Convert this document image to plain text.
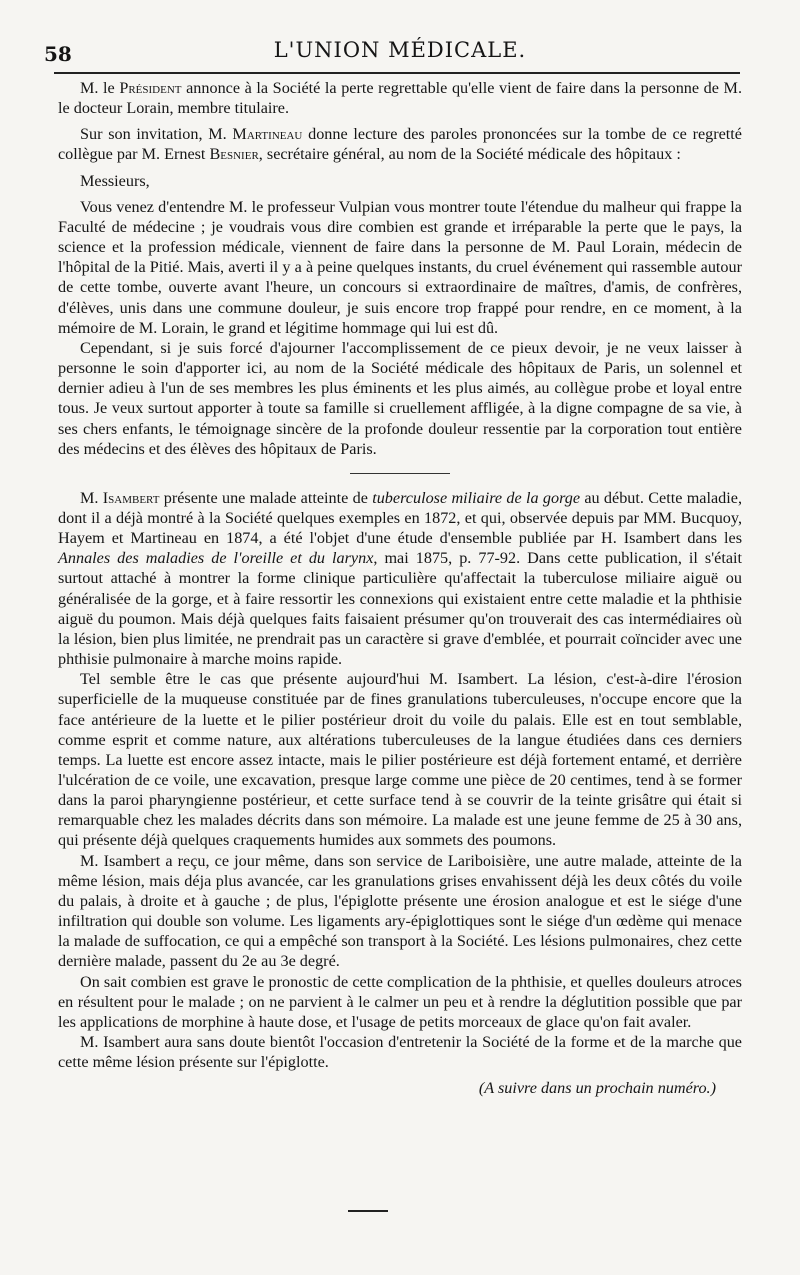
58	L'UNION MÉDICALE.

M. le Président annonce à la Société la perte regrettable qu'elle vient de faire dans la personne de M. le docteur Lorain, membre titulaire.

Sur son invitation, M. Martineau donne lecture des paroles prononcées sur la tombe de ce regretté collègue par M. Ernest Besnier, secrétaire général, au nom de la Société médicale des hôpitaux :

Messieurs,

Vous venez d'entendre M. le professeur Vulpian vous montrer toute l'étendue du malheur qui frappe la Faculté de médecine ; je voudrais vous dire combien est grande et irréparable la perte que le pays, la science et la profession médicale, viennent de faire dans la personne de M. Paul Lorain, médecin de l'hôpital de la Pitié. Mais, averti il y a à peine quelques instants, du cruel événement qui rassemble autour de cette tombe, ouverte avant l'heure, un concours si extraordinaire de maîtres, d'amis, de confrères, d'élèves, unis dans une commune douleur, je suis encore trop frappé pour rendre, en ce moment, à la mémoire de M. Lorain, le grand et légitime hommage qui lui est dû.

Cependant, si je suis forcé d'ajourner l'accomplissement de ce pieux devoir, je ne veux laisser à personne le soin d'apporter ici, au nom de la Société médicale des hôpitaux de Paris, un solennel et dernier adieu à l'un de ses membres les plus éminents et les plus aimés, au collègue probe et loyal entre tous. Je veux surtout apporter à toute sa famille si cruellement affligée, à la digne compagne de sa vie, à ses chers enfants, le témoignage sincère de la profonde douleur ressentie par la corporation tout entière des médecins et des élèves des hôpitaux de Paris.

M. Isambert présente une malade atteinte de tuberculose miliaire de la gorge au début. Cette maladie, dont il a déjà montré à la Société quelques exemples en 1872, et qui, observée depuis par MM. Bucquoy, Hayem et Martineau en 1874, a été l'objet d'une étude d'ensemble publiée par H. Isambert dans les Annales des maladies de l'oreille et du larynx, mai 1875, p. 77-92. Dans cette publication, il s'était surtout attaché à montrer la forme clinique particulière qu'affectait la tuberculose miliaire aiguë ou généralisée de la gorge, et à faire ressortir les connexions qui existaient entre cette maladie et la phthisie aiguë du poumon. Mais déjà quelques faits faisaient présumer qu'on trouverait des cas intermédiaires où la lésion, bien plus limitée, ne prendrait pas un caractère si grave d'emblée, et pourrait coïncider avec une phthisie pulmonaire à marche moins rapide.

Tel semble être le cas que présente aujourd'hui M. Isambert. La lésion, c'est-à-dire l'érosion superficielle de la muqueuse constituée par de fines granulations tuberculeuses, n'occupe encore que la face antérieure de la luette et le pilier postérieur droit du voile du palais. Elle est en tout semblable, comme esprit et comme nature, aux altérations tuberculeuses de la langue étudiées dans ces derniers temps. La luette est encore assez intacte, mais le pilier postérieure est déjà fortement entamé, et derrière l'ulcération de ce voile, une excavation, presque large comme une pièce de 20 centimes, tend à se former dans la paroi pharyngienne postérieur, et cette surface tend à se couvrir de la teinte grisâtre qui était si remarquable chez les malades décrits dans son mémoire. La malade est une jeune femme de 25 à 30 ans, qui présente déjà quelques craquements humides aux sommets des poumons.

M. Isambert a reçu, ce jour même, dans son service de Lariboisière, une autre malade, atteinte de la même lésion, mais déja plus avancée, car les granulations grises envahissent déjà les deux côtés du voile du palais, à droite et à gauche ; de plus, l'épiglotte présente une érosion analogue et est le siége d'une infiltration qui double son volume. Les ligaments ary-épiglottiques sont le siége d'un œdème qui menace la malade de suffocation, ce qui a empêché son transport à la Société. Les lésions pulmonaires, chez cette dernière malade, passent du 2e au 3e degré.

On sait combien est grave le pronostic de cette complication de la phthisie, et quelles douleurs atroces en résultent pour le malade ; on ne parvient à le calmer un peu et à rendre la déglutition possible que par les applications de morphine à haute dose, et l'usage de petits morceaux de glace qu'on fait avaler.

M. Isambert aura sans doute bientôt l'occasion d'entretenir la Société de la forme et de la marche que cette même lésion présente sur l'épiglotte.

(A suivre dans un prochain numéro.)
